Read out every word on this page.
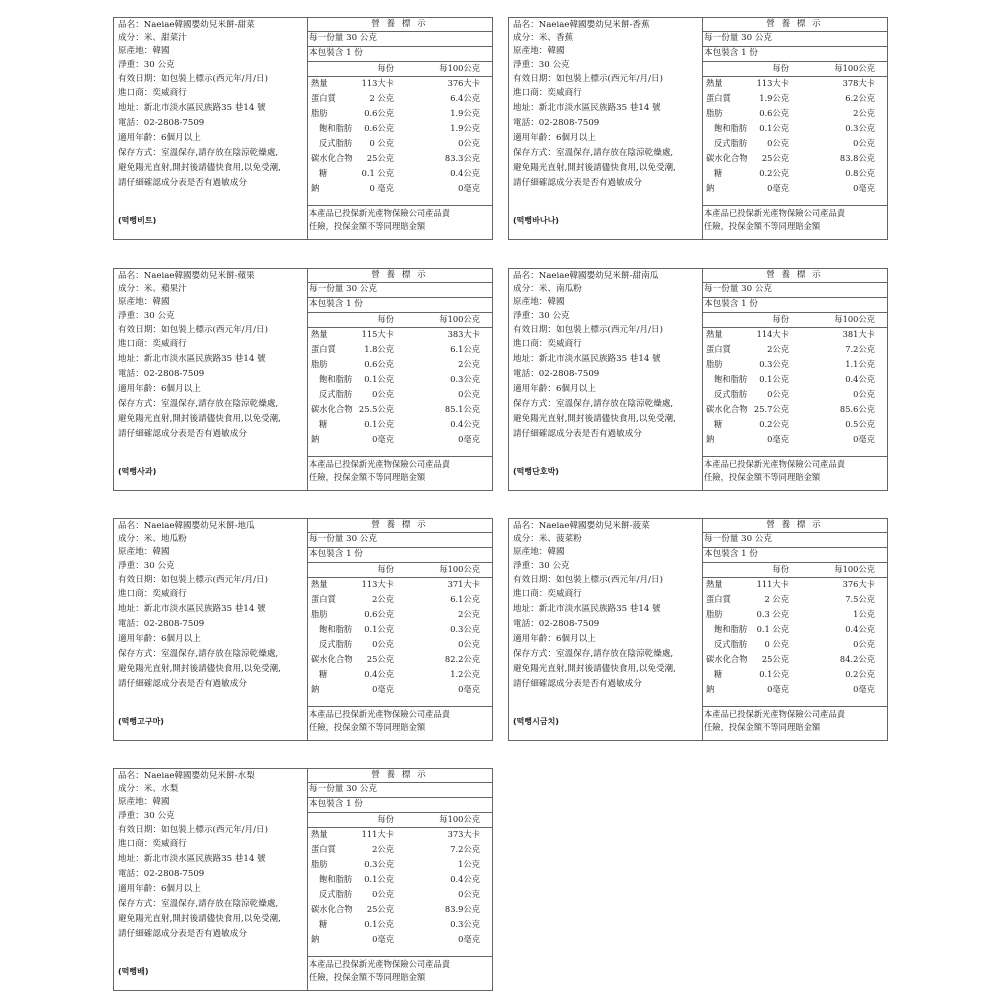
品名：Naeiae韓國嬰幼兒米餅-甜菜
成分：米、甜菜汁
原產地：韓國
淨重：30 公克
有效日期：如包裝上標示(西元年/月/日)
進口商：奕威商行
地址：新北市淡水區民族路35 巷14 號
電話：02-2808-7509
適用年齡：6個月以上
保存方式：室溫保存,請存放在陰涼乾燥處,
避免陽光直射,開封後請儘快食用,以免受潮,
請仔細確認成分表是否有過敏成分
(떡뻥비트)
營 養 標 示
每一份量 30 公克
本包裝含 1 份
每份	每100公克
熱量	113大卡	376大卡
蛋白質	2 公克	6.4公克
脂肪	0.6公克	1.9公克
飽和脂肪 0.6公克	1.9公克
反式脂肪 0 公克	0公克
碳水化合物 25公克	83.3公克
糖	0.1 公克	0.4公克
鈉	0 毫克	0毫克
本產品已投保新光產物保險公司產品責
任險，投保金額不等同理賠金額
品名：Naeiae韓國嬰幼兒米餅-香蕉
成分：米、香蕉
原產地：韓國
淨重：30 公克
有效日期：如包裝上標示(西元年/月/日)
進口商：奕威商行
地址：新北市淡水區民族路35 巷14 號
電話：02-2808-7509
適用年齡：6個月以上
保存方式：室溫保存,請存放在陰涼乾燥處,
避免陽光直射,開封後請儘快食用,以免受潮,
請仔細確認成分表是否有過敏成分
(떡뻥바나나)
營 養 標 示
每一份量 30 公克
本包裝含 1 份
每份	每100公克
熱量	113大卡	378大卡
蛋白質	1.9公克	6.2公克
脂肪	0.6公克	2公克
飽和脂肪 0.1公克	0.3公克
反式脂肪 0公克	0公克
碳水化合物 25公克	83.8公克
糖	0.2公克	0.8公克
鈉	0毫克	0毫克
本產品已投保新光產物保險公司產品責
任險，投保金額不等同理賠金額
品名：Naeiae韓國嬰幼兒米餅-蘋果
成分：米、蘋果汁
原產地：韓國
淨重：30 公克
有效日期：如包裝上標示(西元年/月/日)
進口商：奕威商行
地址：新北市淡水區民族路35 巷14 號
電話：02-2808-7509
適用年齡：6個月以上
保存方式：室溫保存,請存放在陰涼乾燥處,
避免陽光直射,開封後請儘快食用,以免受潮,
請仔細確認成分表是否有過敏成分
(떡뻥사과)
營 養 標 示
每一份量 30 公克
本包裝含 1 份
每份	每100公克
熱量	115大卡	383大卡
蛋白質	1.8公克	6.1公克
脂肪	0.6公克	2公克
飽和脂肪 0.1公克	0.3公克
反式脂肪 0公克	0公克
碳水化合物 25.5公克	85.1公克
糖	0.1公克	0.4公克
鈉	0毫克	0毫克
本產品已投保新光產物保險公司產品責
任險，投保金額不等同理賠金額
品名：Naeiae韓國嬰幼兒米餅-甜南瓜
成分：米、南瓜粉
原產地：韓國
淨重：30 公克
有效日期：如包裝上標示(西元年/月/日)
進口商：奕威商行
地址：新北市淡水區民族路35 巷14 號
電話：02-2808-7509
適用年齡：6個月以上
保存方式：室溫保存,請存放在陰涼乾燥處,
避免陽光直射,開封後請儘快食用,以免受潮,
請仔細確認成分表是否有過敏成分
(떡뻥단호박)
營 養 標 示
每一份量 30 公克
本包裝含 1 份
每份	每100公克
熱量	114大卡	381大卡
蛋白質	2公克	7.2公克
脂肪	0.3公克	1.1公克
飽和脂肪 0.1公克	0.4公克
反式脂肪 0公克	0公克
碳水化合物 25.7公克	85.6公克
糖	0.2公克	0.5公克
鈉	0毫克	0毫克
本產品已投保新光產物保險公司產品責
任險，投保金額不等同理賠金額
品名：Naeiae韓國嬰幼兒米餅-地瓜
成分：米、地瓜粉
原產地：韓國
淨重：30 公克
有效日期：如包裝上標示(西元年/月/日)
進口商：奕威商行
地址：新北市淡水區民族路35 巷14 號
電話：02-2808-7509
適用年齡：6個月以上
保存方式：室溫保存,請存放在陰涼乾燥處,
避免陽光直射,開封後請儘快食用,以免受潮,
請仔細確認成分表是否有過敏成分
(떡뻥고구마)
營 養 標 示
每一份量 30 公克
本包裝含 1 份
每份	每100公克
熱量	113大卡	371大卡
蛋白質	2公克	6.1公克
脂肪	0.6公克	2公克
飽和脂肪 0.1公克	0.3公克
反式脂肪 0公克	0公克
碳水化合物 25公克	82.2公克
糖	0.4公克	1.2公克
鈉	0毫克	0毫克
本產品已投保新光產物保險公司產品責
任險，投保金額不等同理賠金額
品名：Naeiae韓國嬰幼兒米餅-菠菜
成分：米、菠菜粉
原產地：韓國
淨重：30 公克
有效日期：如包裝上標示(西元年/月/日)
進口商：奕威商行
地址：新北市淡水區民族路35 巷14 號
電話：02-2808-7509
適用年齡：6個月以上
保存方式：室溫保存,請存放在陰涼乾燥處,
避免陽光直射,開封後請儘快食用,以免受潮,
請仔細確認成分表是否有過敏成分
(떡뻥시금치)
營 養 標 示
每一份量 30 公克
本包裝含 1 份
每份	每100公克
熱量	111大卡	376大卡
蛋白質	2 公克	7.5公克
脂肪	0.3 公克	1公克
飽和脂肪 0.1 公克	0.4公克
反式脂肪 0 公克	0公克
碳水化合物 25公克	84.2公克
糖	0.1公克	0.2公克
鈉	0毫克	0毫克
本產品已投保新光產物保險公司產品責
任險，投保金額不等同理賠金額
品名：Naeiae韓國嬰幼兒米餅-水梨
成分：米、水梨
原產地：韓國
淨重：30 公克
有效日期：如包裝上標示(西元年/月/日)
進口商：奕威商行
地址：新北市淡水區民族路35 巷14 號
電話：02-2808-7509
適用年齡：6個月以上
保存方式：室溫保存,請存放在陰涼乾燥處,
避免陽光直射,開封後請儘快食用,以免受潮,
請仔細確認成分表是否有過敏成分
(떡뻥배)
營 養 標 示
每一份量 30 公克
本包裝含 1 份
每份	每100公克
熱量	111大卡	373大卡
蛋白質	2公克	7.2公克
脂肪	0.3公克	1公克
飽和脂肪 0.1公克	0.4公克
反式脂肪 0公克	0公克
碳水化合物 25公克	83.9公克
糖	0.1公克	0.3公克
鈉	0毫克	0毫克
本產品已投保新光產物保險公司產品責
任險，投保金額不等同理賠金額
